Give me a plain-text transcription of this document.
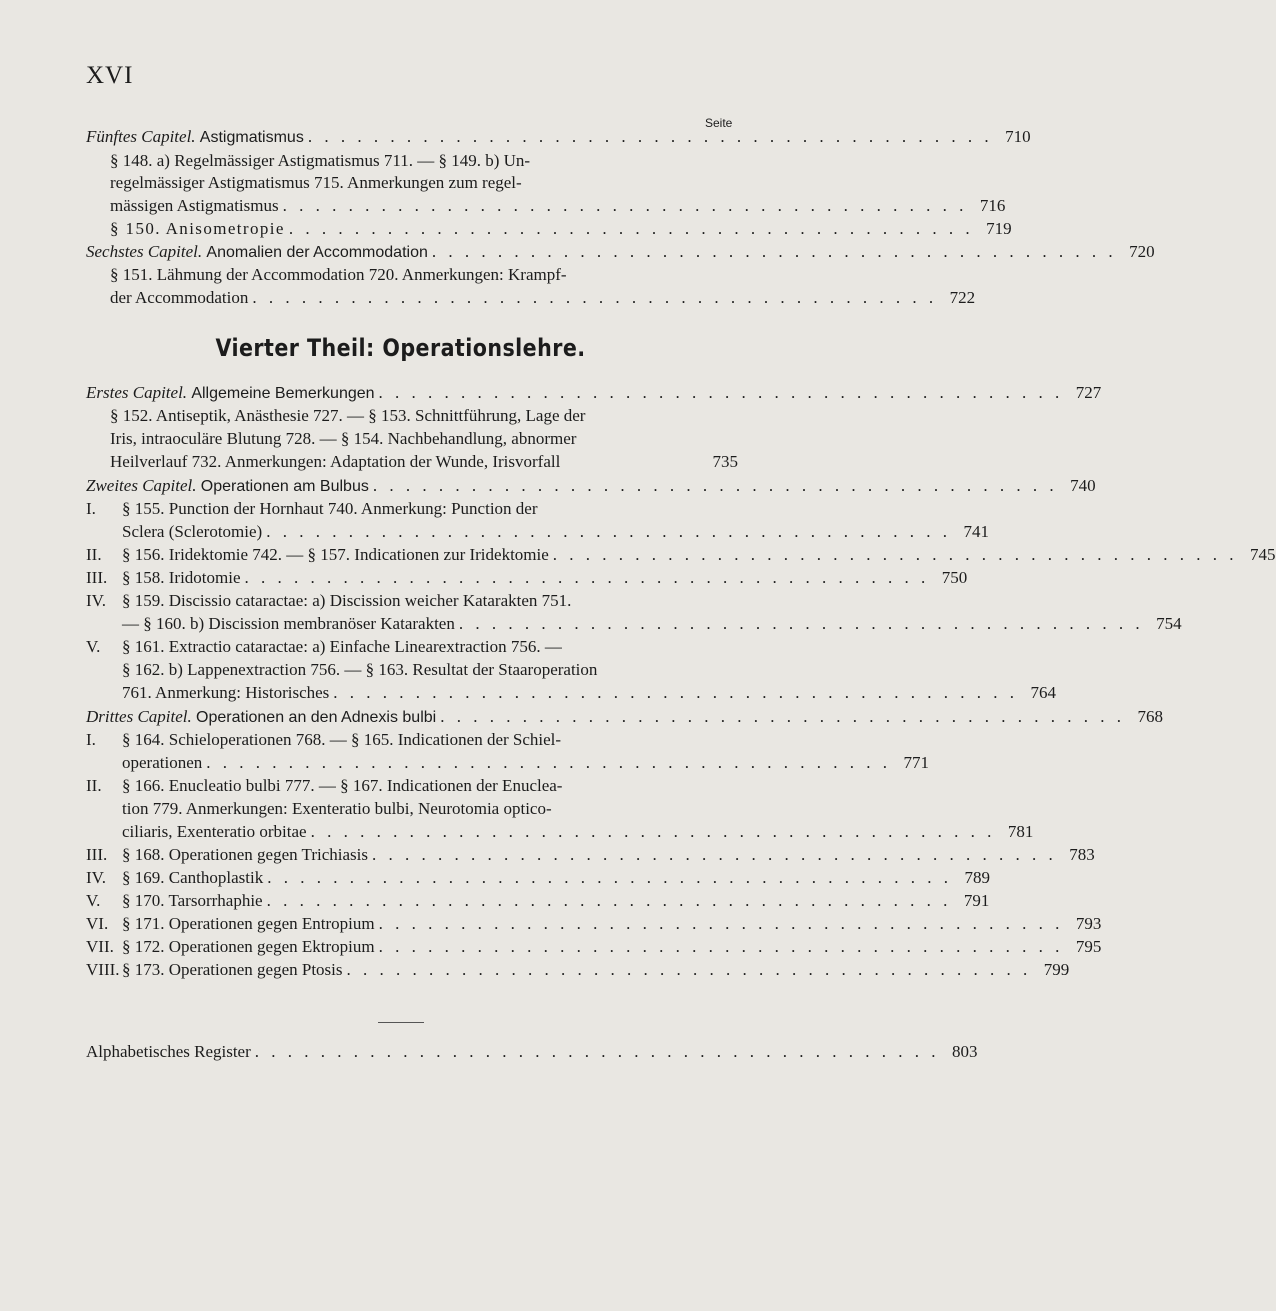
XVI
Seite
Fünftes Capitel. Astigmatismus . . . . . . . . . . . . . . . . . . . . . . . . . . . . . . . . . . . . . . . . . . 710
§ 148. a) Regelmässiger Astigmatismus 711. — § 149. b) Un-
regelmässiger Astigmatismus 715. Anmerkungen zum regel-
mässigen Astigmatismus . . . . . . . . . . . . . . . . . . . . . . . . . . . . . . . . . . . . . . . . . . 716
§ 150. Anisometropie . . . . . . . . . . . . . . . . . . . . . . . . . . . . . . . . . . . . . . . . . . 719
Sechstes Capitel. Anomalien der Accommodation . . . . . . . . . . . . . . . . . . . . . . . . . . . . . . . . . . . . . . . . . . 720
§ 151. Lähmung der Accommodation 720. Anmerkungen: Krampf-
der Accommodation . . . . . . . . . . . . . . . . . . . . . . . . . . . . . . . . . . . . . . . . . . 722
Vierter Theil: Operationslehre.
Erstes Capitel. Allgemeine Bemerkungen . . . . . . . . . . . . . . . . . . . . . . . . . . . . . . . . . . . . . . . . . . 727
§ 152. Antiseptik, Anästhesie 727. — § 153. Schnittführung, Lage der
Iris, intraoculäre Blutung 728. — § 154. Nachbehandlung, abnormer
Heilverlauf 732. Anmerkungen: Adaptation der Wunde, Irisvorfall	735
Zweites Capitel. Operationen am Bulbus . . . . . . . . . . . . . . . . . . . . . . . . . . . . . . . . . . . . . . . . . . 740
I. § 155. Punction der Hornhaut 740. Anmerkung: Punction der
Sclera (Sclerotomie) . . . . . . . . . . . . . . . . . . . . . . . . . . . . . . . . . . . . . . . . . . 741
II. § 156. Iridektomie 742. — § 157. Indicationen zur Iridektomie . . . . . . . . . . . . . . . . . . . . . . . . . . . . . . . . . . . . . . . . . . 745
III. § 158. Iridotomie . . . . . . . . . . . . . . . . . . . . . . . . . . . . . . . . . . . . . . . . . . 750
IV. § 159. Discissio cataractae: a) Discission weicher Katarakten 751.
— § 160. b) Discission membranöser Katarakten . . . . . . . . . . . . . . . . . . . . . . . . . . . . . . . . . . . . . . . . . . 754
V. § 161. Extractio cataractae: a) Einfache Linearextraction 756. —
§ 162. b) Lappenextraction 756. — § 163. Resultat der Staaroperation
761. Anmerkung: Historisches . . . . . . . . . . . . . . . . . . . . . . . . . . . . . . . . . . . . . . . . . . 764
Drittes Capitel. Operationen an den Adnexis bulbi . . . . . . . . . . . . . . . . . . . . . . . . . . . . . . . . . . . . . . . . . . 768
I. § 164. Schieloperationen 768. — § 165. Indicationen der Schiel-
operationen . . . . . . . . . . . . . . . . . . . . . . . . . . . . . . . . . . . . . . . . . . 771
II. § 166. Enucleatio bulbi 777. — § 167. Indicationen der Enuclea-
tion 779. Anmerkungen: Exenteratio bulbi, Neurotomia optico-
ciliaris, Exenteratio orbitae . . . . . . . . . . . . . . . . . . . . . . . . . . . . . . . . . . . . . . . . . . 781
III. § 168. Operationen gegen Trichiasis . . . . . . . . . . . . . . . . . . . . . . . . . . . . . . . . . . . . . . . . . . 783
IV. § 169. Canthoplastik . . . . . . . . . . . . . . . . . . . . . . . . . . . . . . . . . . . . . . . . . . 789
V. § 170. Tarsorrhaphie . . . . . . . . . . . . . . . . . . . . . . . . . . . . . . . . . . . . . . . . . . 791
VI. § 171. Operationen gegen Entropium . . . . . . . . . . . . . . . . . . . . . . . . . . . . . . . . . . . . . . . . . . 793
VII. § 172. Operationen gegen Ektropium . . . . . . . . . . . . . . . . . . . . . . . . . . . . . . . . . . . . . . . . . . 795
VIII. § 173. Operationen gegen Ptosis . . . . . . . . . . . . . . . . . . . . . . . . . . . . . . . . . . . . . . . . . . 799
Alphabetisches Register . . . . . . . . . . . . . . . . . . . . . . . . . . . . . . . . . . . . . . . . . . 803
